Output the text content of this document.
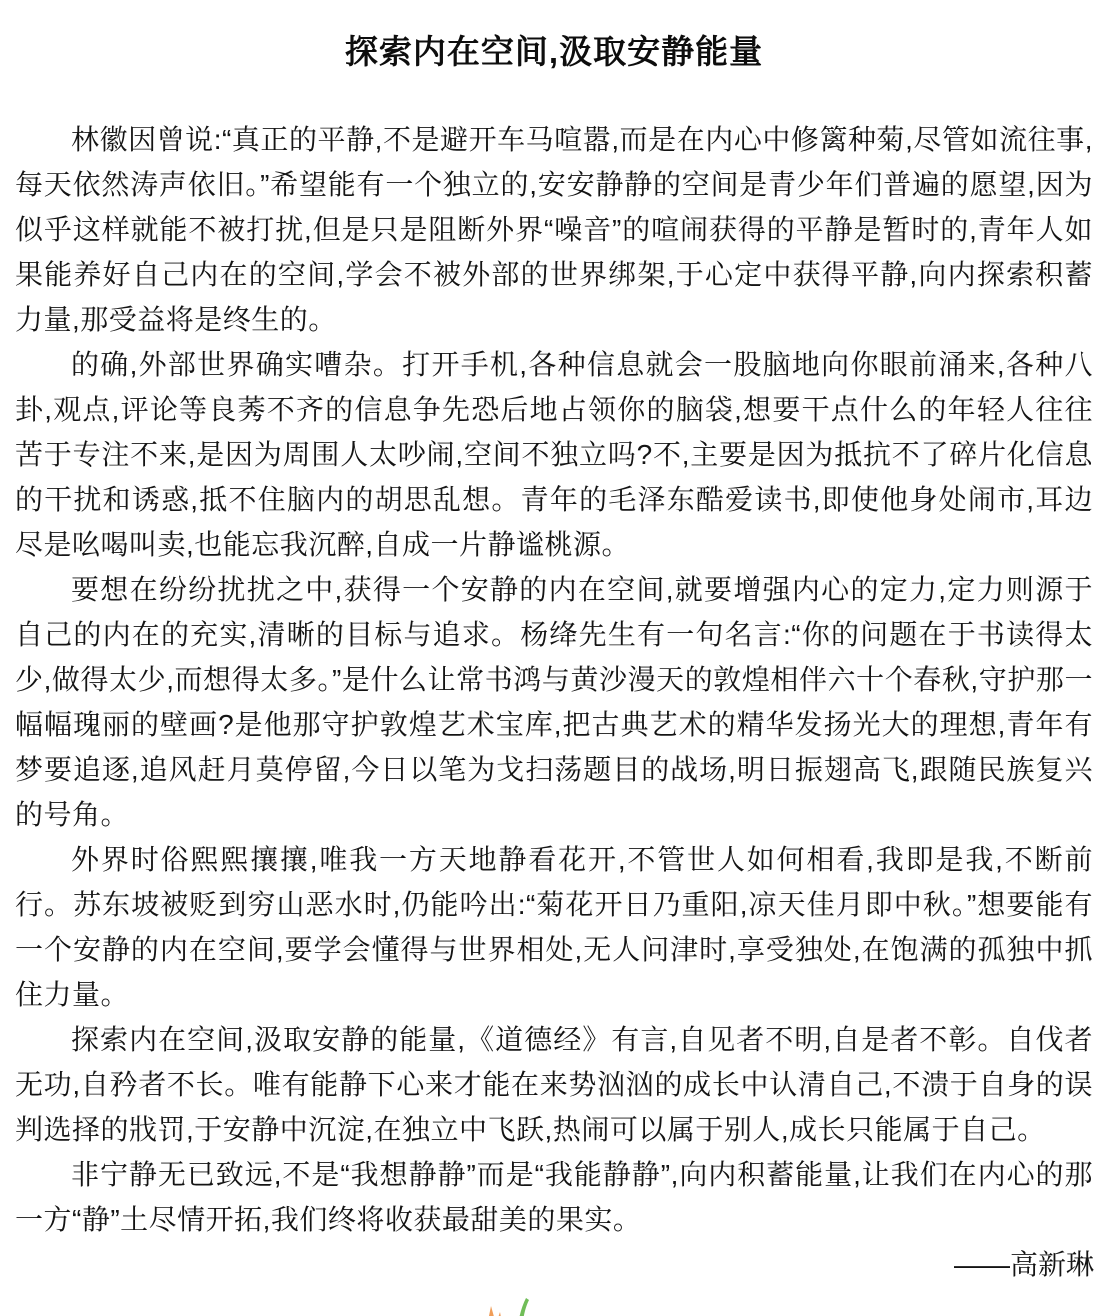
探索内在空间,汲取安静能量

林徽因曾说:“真正的平静,不是避开车马喧嚣,而是在内心中修篱种菊,尽管如流往事,每天依然涛声依旧。”希望能有一个独立的,安安静静的空间是青少年们普遍的愿望,因为似乎这样就能不被打扰,但是只是阻断外界“噪音”的喧闹获得的平静是暂时的,青年人如果能养好自己内在的空间,学会不被外部的世界绑架,于心定中获得平静,向内探索积蓄力量,那受益将是终生的。

的确,外部世界确实嘈杂。打开手机,各种信息就会一股脑地向你眼前涌来,各种八卦,观点,评论等良莠不齐的信息争先恐后地占领你的脑袋,想要干点什么的年轻人往往苦于专注不来,是因为周围人太吵闹,空间不独立吗?不,主要是因为抵抗不了碎片化信息的干扰和诱惑,抵不住脑内的胡思乱想。青年的毛泽东酷爱读书,即使他身处闹市,耳边尽是吆喝叫卖,也能忘我沉醉,自成一片静谧桃源。

要想在纷纷扰扰之中,获得一个安静的内在空间,就要增强内心的定力,定力则源于自己的内在的充实,清晰的目标与追求。杨绛先生有一句名言:“你的问题在于书读得太少,做得太少,而想得太多。”是什么让常书鸿与黄沙漫天的敦煌相伴六十个春秋,守护那一幅幅瑰丽的壁画?是他那守护敦煌艺术宝库,把古典艺术的精华发扬光大的理想,青年有梦要追逐,追风赶月莫停留,今日以笔为戈扫荡题目的战场,明日振翅高飞,跟随民族复兴的号角。

外界时俗熙熙攘攘,唯我一方天地静看花开,不管世人如何相看,我即是我,不断前行。苏东坡被贬到穷山恶水时,仍能吟出:“菊花开日乃重阳,凉天佳月即中秋。”想要能有一个安静的内在空间,要学会懂得与世界相处,无人问津时,享受独处,在饱满的孤独中抓住力量。

探索内在空间,汲取安静的能量,《道德经》有言,自见者不明,自是者不彰。自伐者无功,自矜者不长。唯有能静下心来才能在来势汹汹的成长中认清自己,不溃于自身的误判选择的戕罚,于安静中沉淀,在独立中飞跃,热闹可以属于别人,成长只能属于自己。

非宁静无已致远,不是“我想静静”而是“我能静静”,向内积蓄能量,让我们在内心的那一方“静”土尽情开拓,我们终将收获最甜美的果实。

——高新琳
